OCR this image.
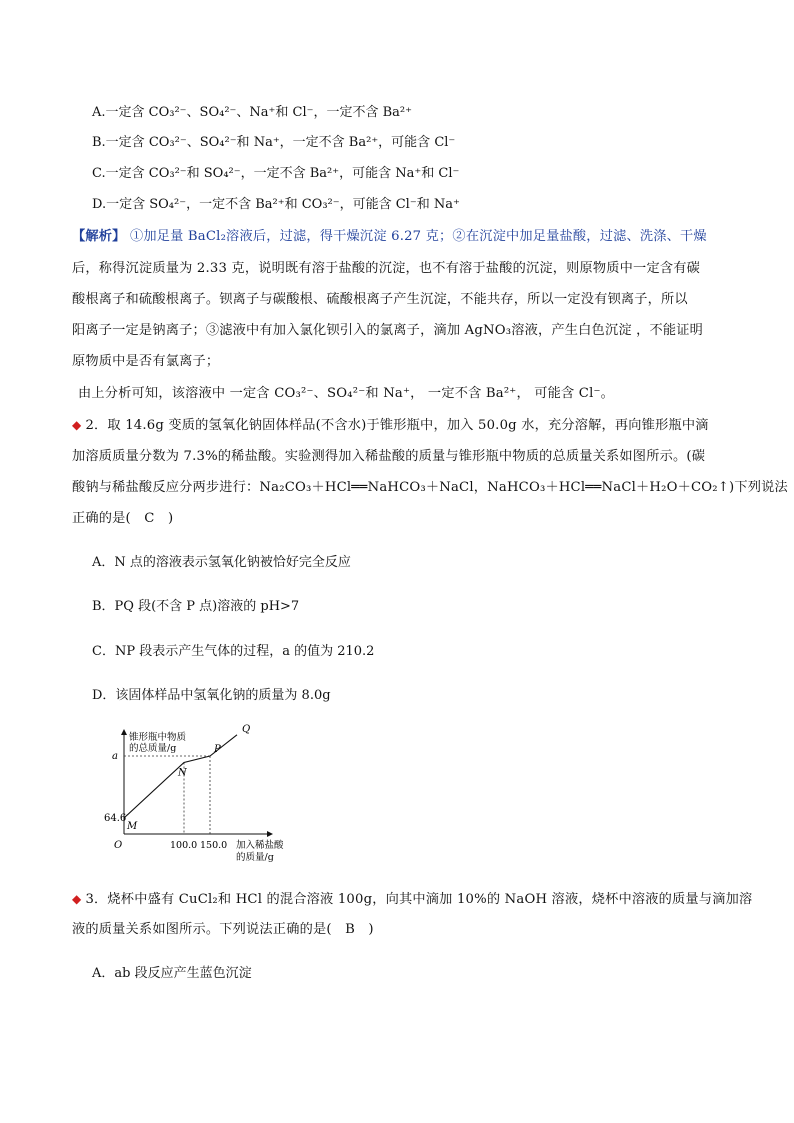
A.一定含 CO₃²⁻、SO₄²⁻、Na⁺和 Cl⁻，一定不含 Ba²⁺
B.一定含 CO₃²⁻、SO₄²⁻和 Na⁺，一定不含 Ba²⁺，可能含 Cl⁻
C.一定含 CO₃²⁻和 SO₄²⁻，一定不含 Ba²⁺，可能含 Na⁺和 Cl⁻
D.一定含 SO₄²⁻，一定不含 Ba²⁺和 CO₃²⁻，可能含 Cl⁻和 Na⁺
【解析】 ①加足量 BaCl₂溶液后，过滤，得干燥沉淀 6.27 克；②在沉淀中加足量盐酸，过滤、洗涤、干燥
后，称得沉淀质量为 2.33 克，说明既有溶于盐酸的沉淀，也不有溶于盐酸的沉淀，则原物质中一定含有碳
酸根离子和硫酸根离子。钡离子与碳酸根、硫酸根离子产生沉淀，不能共存，所以一定没有钡离子，所以
阳离子一定是钠离子；③滤液中有加入氯化钡引入的氯离子，滴加 AgNO₃溶液，产生白色沉淀 ，不能证明
原物质中是否有氯离子；
由上分析可知，该溶液中 一定含 CO₃²⁻、SO₄²⁻和 Na⁺， 一定不含 Ba²⁺， 可能含 Cl⁻。
◆ 2．取 14.6g 变质的氢氧化钠固体样品(不含水)于锥形瓶中，加入 50.0g 水，充分溶解，再向锥形瓶中滴
加溶质质量分数为 7.3%的稀盐酸。实验测得加入稀盐酸的质量与锥形瓶中物质的总质量关系如图所示。(碳
酸钠与稀盐酸反应分两步进行：Na₂CO₃＋HCl══NaHCO₃＋NaCl，NaHCO₃＋HCl══NaCl＋H₂O＋CO₂↑)下列说法
正确的是(　C　)
A．N 点的溶液表示氢氧化钠被恰好完全反应
B．PQ 段(不含 P 点)溶液的 pH>7
C．NP 段表示产生气体的过程，a 的值为 210.2
D．该固体样品中氢氧化钠的质量为 8.0g
锥形瓶中物质
的总质量/g
a
64.6
O	100.0 150.0 加入稀盐酸
的质量/g
M
N
P
Q
◆ 3．烧杯中盛有 CuCl₂和 HCl 的混合溶液 100g，向其中滴加 10%的 NaOH 溶液，烧杯中溶液的质量与滴加溶
液的质量关系如图所示。下列说法正确的是(　B　)
A．ab 段反应产生蓝色沉淀
